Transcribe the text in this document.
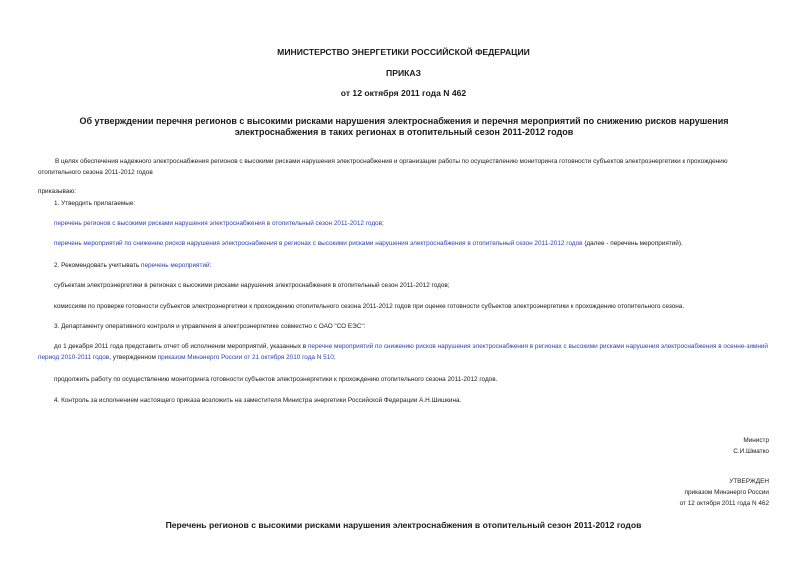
МИНИСТЕРСТВО ЭНЕРГЕТИКИ РОССИЙСКОЙ ФЕДЕРАЦИИ
ПРИКАЗ
от 12 октября 2011 года N 462
Об утверждении перечня регионов с высокими рисками нарушения электроснабжения и перечня мероприятий по снижению рисков нарушения электроснабжения в таких регионах в отопительный сезон 2011-2012 годов
В целях обеспечения надежного электроснабжения регионов с высокими рисками нарушения электроснабжения и организации работы по осуществлению мониторинга готовности субъектов электроэнергетики к прохождению отопительного сезона 2011-2012 годов
приказываю:
1. Утвердить прилагаемые:
перечень регионов с высокими рисками нарушения электроснабжения в отопительный сезон 2011-2012 годов;
перечень мероприятий по снижению рисков нарушения электроснабжения в регионах с высокими рисками нарушения электроснабжения в отопительный сезон 2011-2012 годов (далее - перечень мероприятий).
2. Рекомендовать учитывать перечень мероприятий:
субъектам электроэнергетики в регионах с высокими рисками нарушения электроснабжения в отопительный сезон 2011-2012 годов;
комиссиям по проверке готовности субъектов электроэнергетики к прохождению отопительного сезона 2011-2012 годов при оценке готовности субъектов электроэнергетики к прохождению отопительного сезона.
3. Департаменту оперативного контроля и управления в электроэнергетике совместно с ОАО "СО ЕЭС":
до 1 декабря 2011 года представить отчет об исполнении мероприятий, указанных в перечне мероприятий по снижению рисков нарушения электроснабжения в регионах с высокими рисками нарушения электроснабжения в осенне-зимний период 2010-2011 годов, утвержденном приказом Минэнерго России от 21 октября 2010 года N 510;
продолжить работу по осуществлению мониторинга готовности субъектов электроэнергетики к прохождению отопительного сезона 2011-2012 годов.
4. Контроль за исполнением настоящего приказа возложить на заместителя Министра энергетики Российской Федерации А.Н.Шишкина.
Министр
С.И.Шматко
УТВЕРЖДЕН
приказом Минэнерго России
от 12 октября 2011 года N 462
Перечень регионов с высокими рисками нарушения электроснабжения в отопительный сезон 2011-2012 годов
